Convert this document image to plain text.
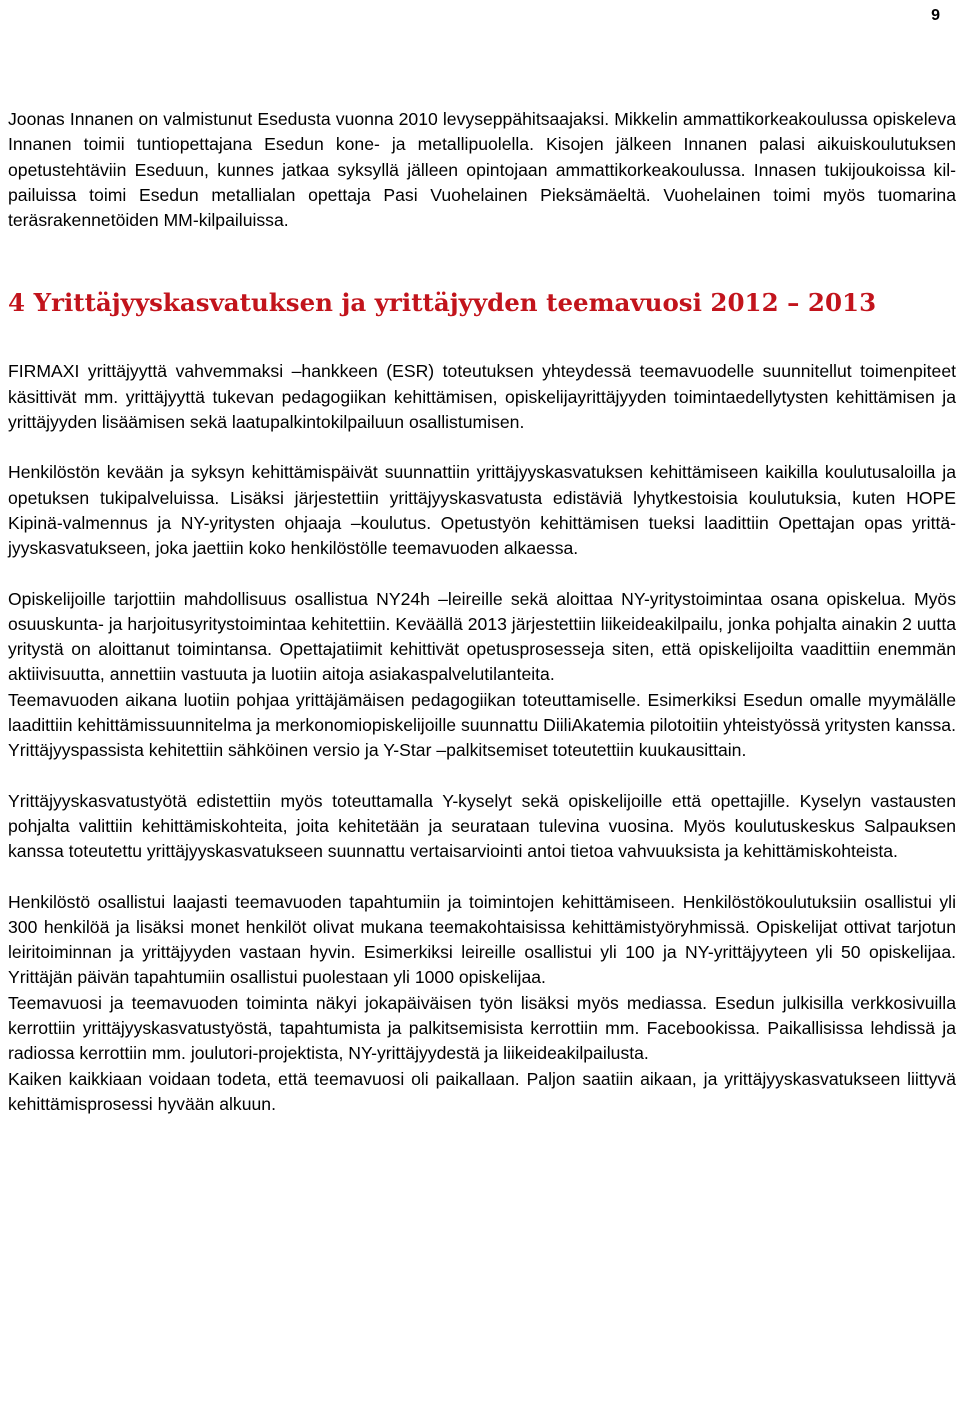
9

Joonas Innanen on valmistunut Esedusta vuonna 2010 levyseppähitsaajaksi. Mikkelin ammattikorkeakoulussa opiskeleva Innanen toimii tuntiopettajana Esedun kone- ja metallipuolella. Kisojen jälkeen Innanen palasi aikuiskoulutuksen opetustehtäviin Eseduun, kunnes jatkaa syksyllä jälleen opintojaan ammattikorkeakoulussa. Innasen tukijoukoissa kilpailuissa toimi Esedun metallialan opettaja Pasi Vuohelainen Pieksämäeltä. Vuohelainen toimi myös tuomarina teräsrakennetöiden MM-kilpailuissa.

4 Yrittäjyyskasvatuksen ja yrittäjyyden teemavuosi 2012 – 2013

FIRMAXI yrittäjyyttä vahvemmaksi –hankkeen (ESR) toteutuksen yhteydessä teemavuodelle suunnitellut toimenpiteet käsittivät mm. yrittäjyyttä tukevan pedagogiikan kehittämisen, opiskelijayrittäjyyden toimintaedellytysten kehittämisen ja yrittäjyyden lisäämisen sekä laatupalkintokilpailuun osallistumisen.

Henkilöstön kevään ja syksyn kehittämispäivät suunnattiin yrittäjyyskasvatuksen kehittämiseen kaikilla koulutusaloilla ja opetuksen tukipalveluissa. Lisäksi järjestettiin yrittäjyyskasvatusta edistäviä lyhytkestoisia koulutuksia, kuten HOPE Kipinä-valmennus ja NY-yritysten ohjaaja –koulutus. Opetustyön kehittämisen tueksi laadittiin Opettajan opas yrittäjyyskasvatukseen, joka jaettiin koko henkilöstölle teemavuoden alkaessa.

Opiskelijoille tarjottiin mahdollisuus osallistua NY24h –leireille sekä aloittaa NY-yritystoimintaa osana opiskelua. Myös osuuskunta- ja harjoitusyritystoimintaa kehitettiin. Keväällä 2013 järjestettiin liikeideakilpailu, jonka pohjalta ainakin 2 uutta yritystä on aloittanut toimintansa. Opettajatiimit kehittivät opetusprosesseja siten, että opiskelijoilta vaadittiin enemmän aktiivisuutta, annettiin vastuuta ja luotiin aitoja asiakaspalvelutilanteita.

Teemavuoden aikana luotiin pohjaa yrittäjämäisen pedagogiikan toteuttamiselle. Esimerkiksi Esedun omalle myymälälle laadittiin kehittämissuunnitelma ja merkonomiopiskelijoille suunnattu DiiliAkatemia pilotoitiin yhteistyössä yritysten kanssa. Yrittäjyyspassista kehitettiin sähköinen versio ja Y-Star –palkitsemiset toteutettiin kuukausittain.

Yrittäjyyskasvatustyötä edistettiin myös toteuttamalla Y-kyselyt sekä opiskelijoille että opettajille. Kyselyn vastausten pohjalta valittiin kehittämiskohteita, joita kehitetään ja seurataan tulevina vuosina. Myös koulutuskeskus Salpauksen kanssa toteutettu yrittäjyyskasvatukseen suunnattu vertaisarviointi antoi tietoa vahvuuksista ja kehittämiskohteista.

Henkilöstö osallistui laajasti teemavuoden tapahtumiin ja toimintojen kehittämiseen. Henkilöstökoulutuksiin osallistui yli 300 henkilöä ja lisäksi monet henkilöt olivat mukana teemakohtaisissa kehittämistyöryhmissä. Opiskelijat ottivat tarjotun leiritoiminnan ja yrittäjyyden vastaan hyvin. Esimerkiksi leireille osallistui yli 100 ja NY-yrittäjyyteen yli 50 opiskelijaa. Yrittäjän päivän tapahtumiin osallistui puolestaan yli 1000 opiskelijaa.

Teemavuosi ja teemavuoden toiminta näkyi jokapäiväisen työn lisäksi myös mediassa. Esedun julkisilla verkkosivuilla kerrottiin yrittäjyyskasvatustyöstä, tapahtumista ja palkitsemisista kerrottiin mm. Facebookissa. Paikallisissa lehdissä ja radiossa kerrottiin mm. joulutori-projektista, NY-yrittäjyydestä ja liikeideakilpailusta.

Kaiken kaikkiaan voidaan todeta, että teemavuosi oli paikallaan. Paljon saatiin aikaan, ja yrittäjyyskasvatukseen liittyvä kehittämisprosessi hyvään alkuun.
